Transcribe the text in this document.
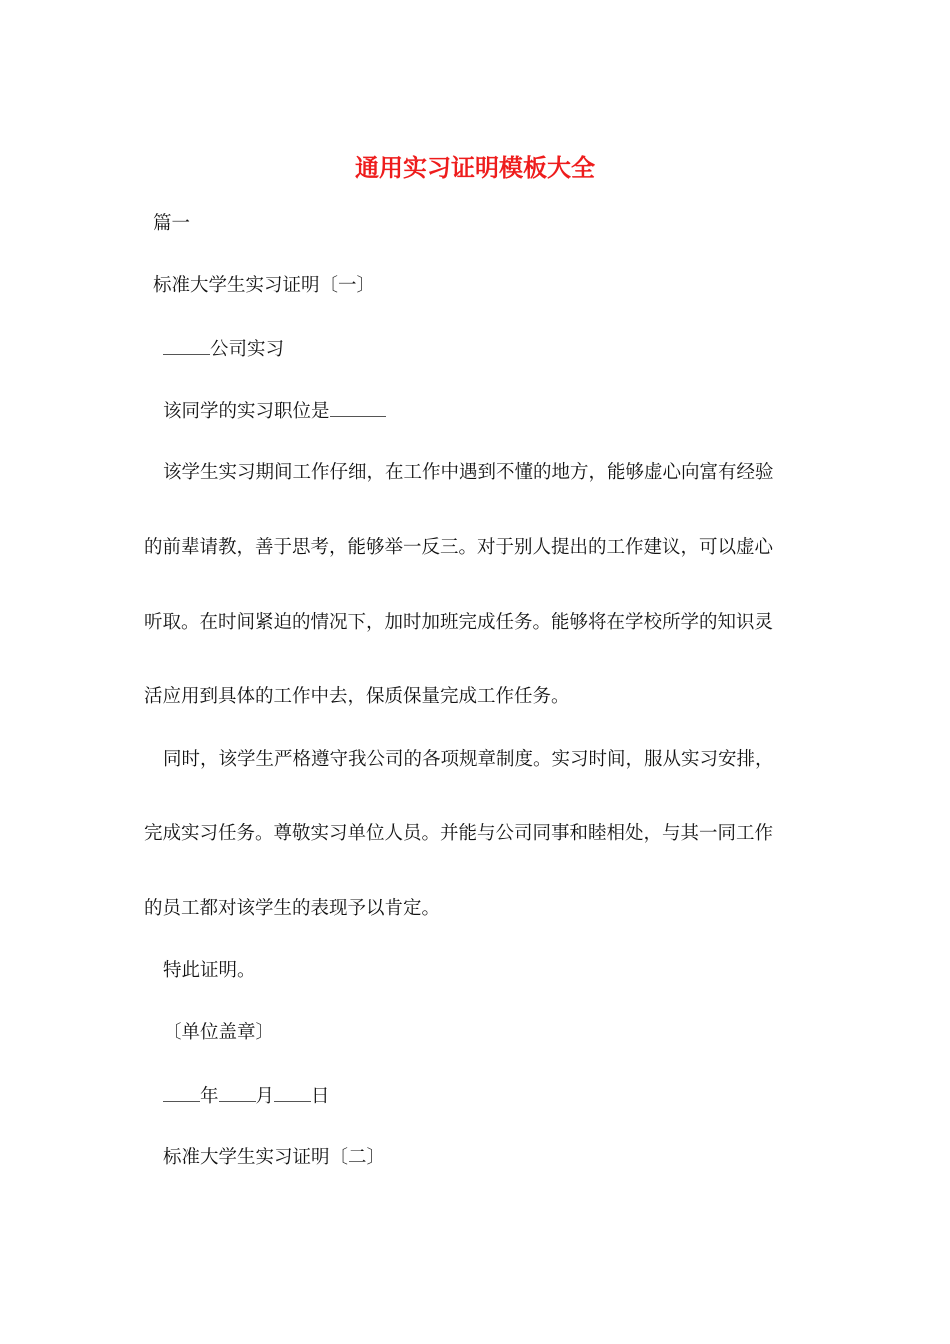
通用实习证明模板大全
篇一
标准大学生实习证明〔一〕
公司实习
该同学的实习职位是
该学生实习期间工作仔细，在工作中遇到不懂的地方，能够虚心向富有经验
的前辈请教，善于思考，能够举一反三。对于别人提出的工作建议，可以虚心
听取。在时间紧迫的情况下，加时加班完成任务。能够将在学校所学的知识灵
活应用到具体的工作中去，保质保量完成工作任务。
同时，该学生严格遵守我公司的各项规章制度。实习时间，服从实习安排，
完成实习任务。尊敬实习单位人员。并能与公司同事和睦相处，与其一同工作
的员工都对该学生的表现予以肯定。
特此证明。
〔单位盖章〕
年 月 日
标准大学生实习证明〔二〕
